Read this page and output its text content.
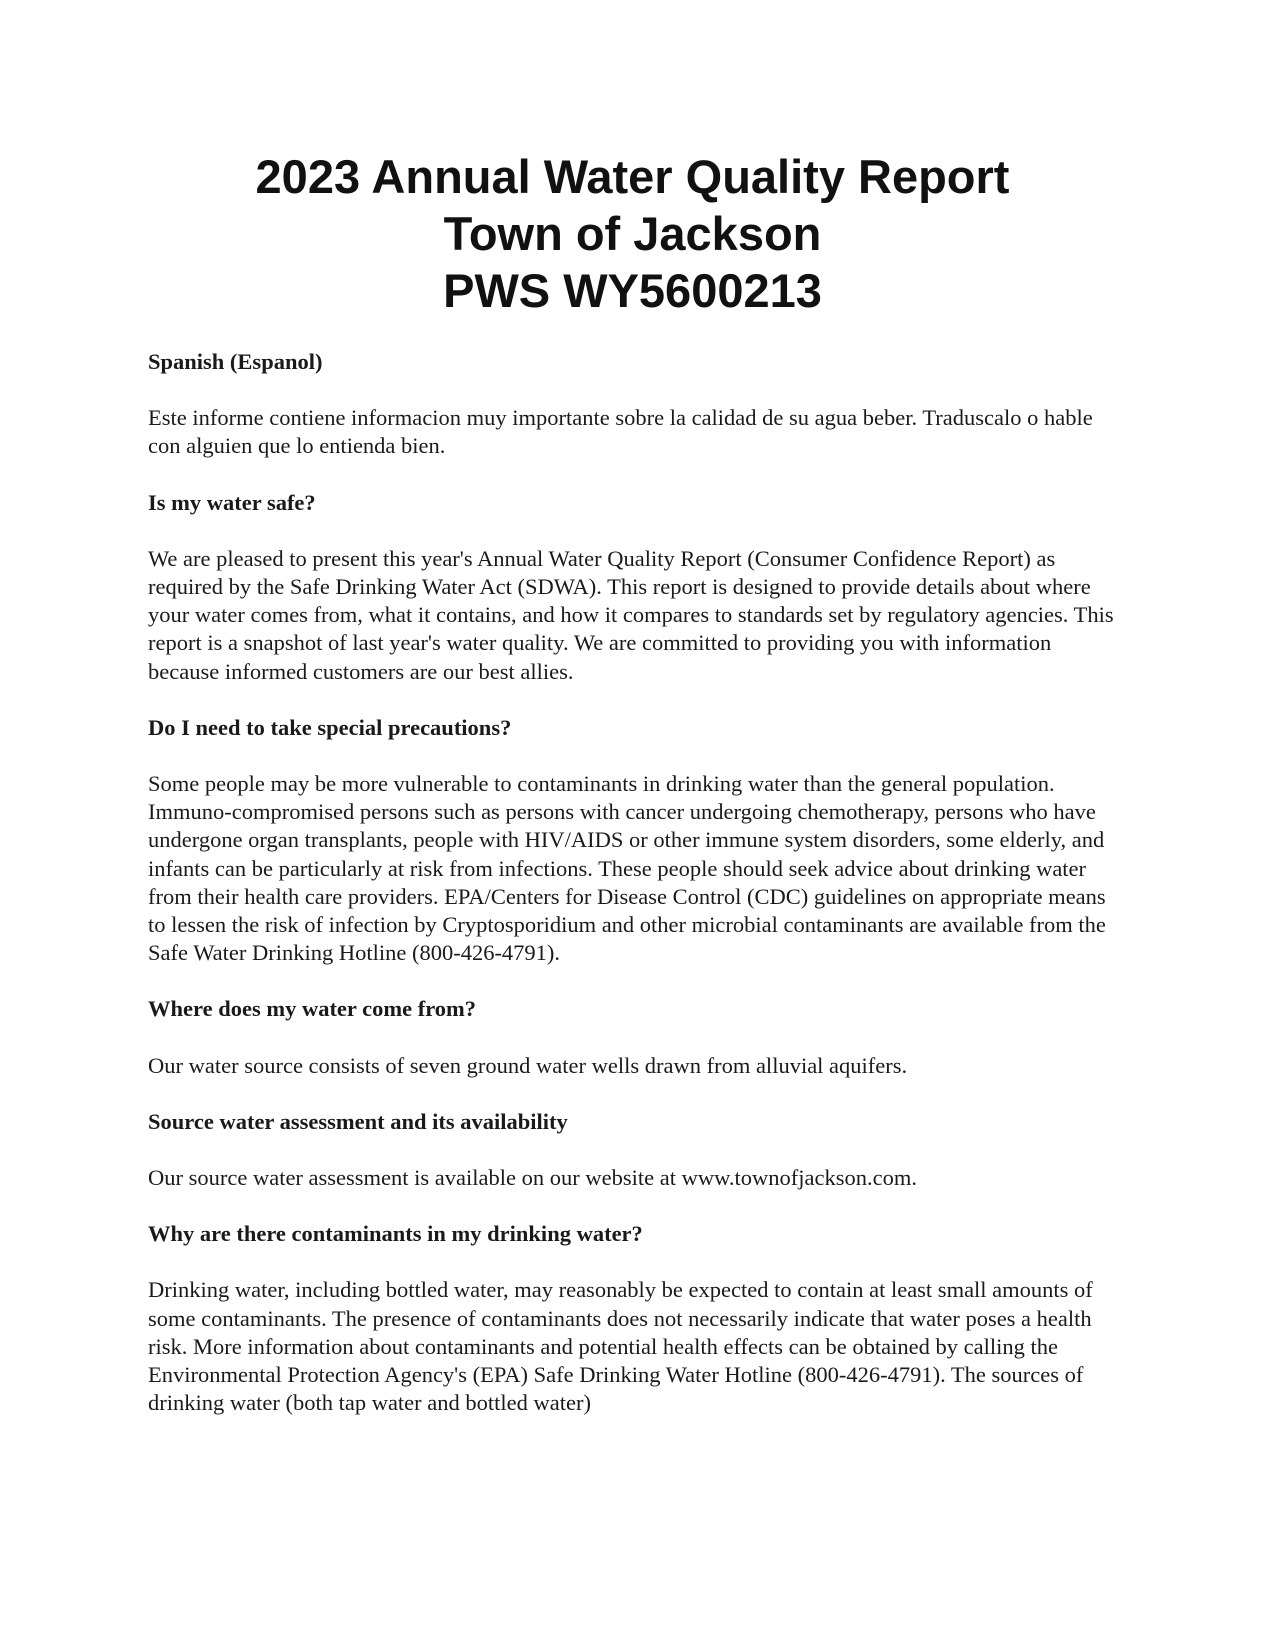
2023 Annual Water Quality Report
Town of Jackson
PWS WY5600213
Spanish (Espanol)
Este informe contiene informacion muy importante sobre la calidad de su agua beber. Traduscalo o hable con alguien que lo entienda bien.
Is my water safe?
We are pleased to present this year's Annual Water Quality Report (Consumer Confidence Report) as required by the Safe Drinking Water Act (SDWA). This report is designed to provide details about where your water comes from, what it contains, and how it compares to standards set by regulatory agencies. This report is a snapshot of last year's water quality. We are committed to providing you with information because informed customers are our best allies.
Do I need to take special precautions?
Some people may be more vulnerable to contaminants in drinking water than the general population. Immuno-compromised persons such as persons with cancer undergoing chemotherapy, persons who have undergone organ transplants, people with HIV/AIDS or other immune system disorders, some elderly, and infants can be particularly at risk from infections. These people should seek advice about drinking water from their health care providers. EPA/Centers for Disease Control (CDC) guidelines on appropriate means to lessen the risk of infection by Cryptosporidium and other microbial contaminants are available from the Safe Water Drinking Hotline (800-426-4791).
Where does my water come from?
Our water source consists of seven ground water wells drawn from alluvial aquifers.
Source water assessment and its availability
Our source water assessment is available on our website at www.townofjackson.com.
Why are there contaminants in my drinking water?
Drinking water, including bottled water, may reasonably be expected to contain at least small amounts of some contaminants. The presence of contaminants does not necessarily indicate that water poses a health risk. More information about contaminants and potential health effects can be obtained by calling the Environmental Protection Agency's (EPA) Safe Drinking Water Hotline (800-426-4791). The sources of drinking water (both tap water and bottled water)
